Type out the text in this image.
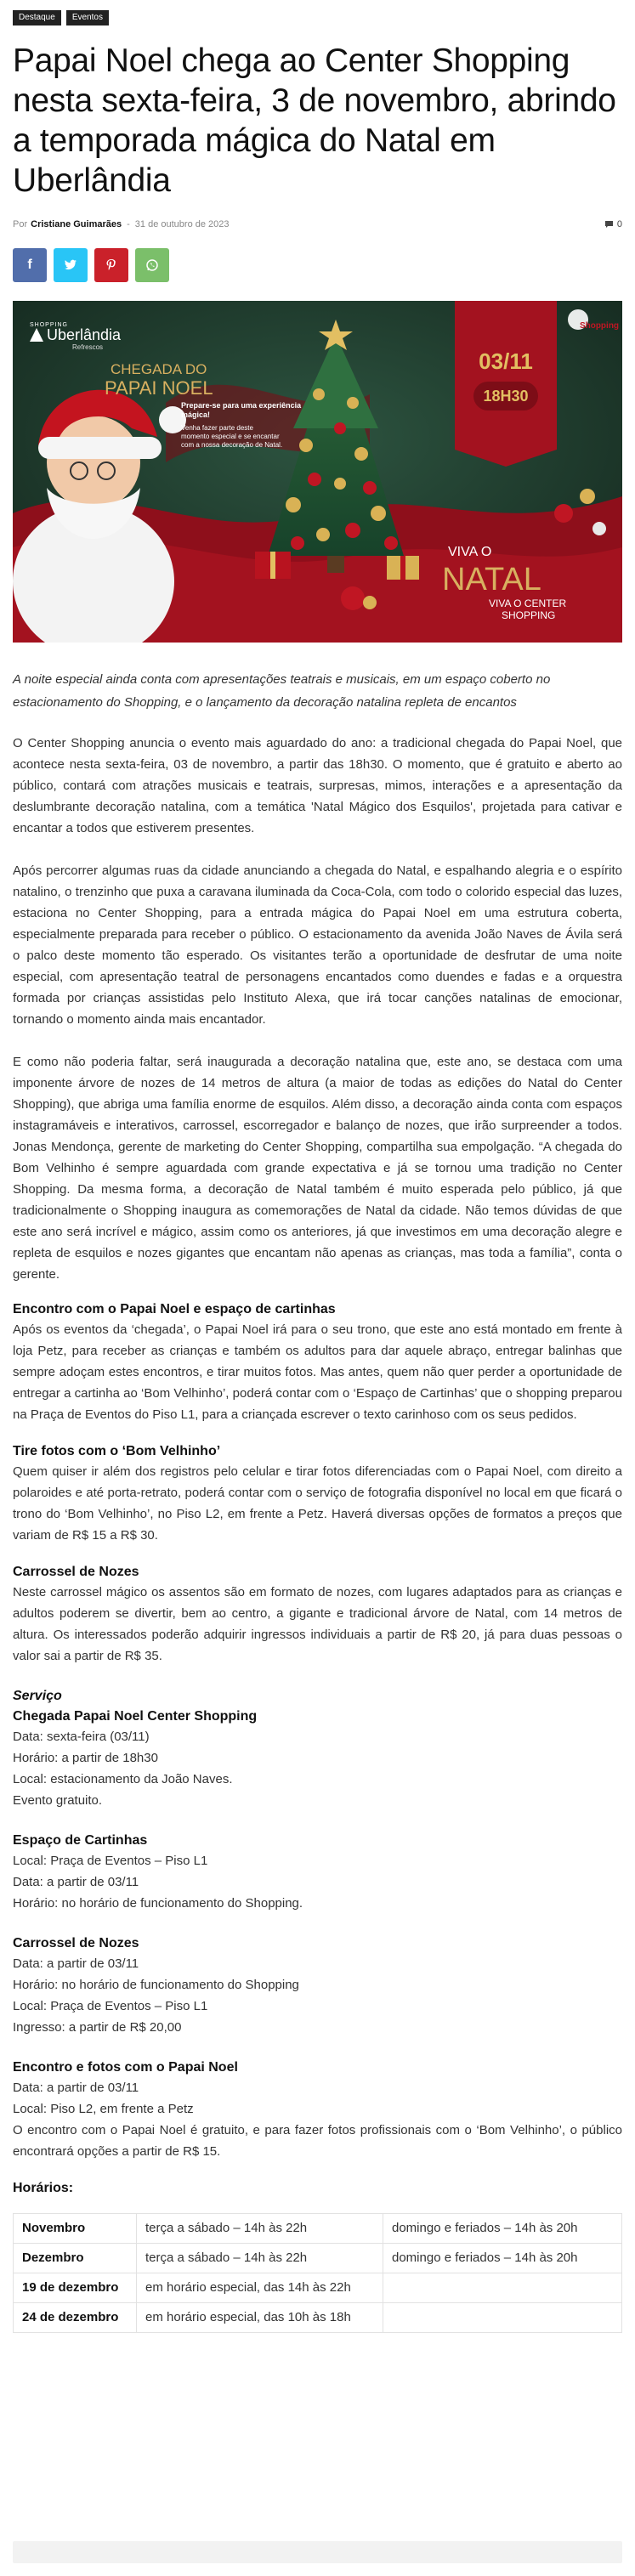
Destaque	Eventos
Papai Noel chega ao Center Shopping nesta sexta-feira, 3 de novembro, abrindo a temporada mágica do Natal em Uberlândia
Por Cristiane Guimarães - 31 de outubro de 2023	0
f
SHOPPING
Uberlândia
Refrescos
CHEGADA DO
PAPAI NOEL
Prepare-se para uma experiência mágica!
Venha fazer parte deste momento especial e se encantar com a nossa decoração de Natal.
03/11
18H30
Shopping
VIVA O
NATAL
VIVA O CENTER
SHOPPING

A noite especial ainda conta com apresentações teatrais e musicais, em um espaço coberto no estacionamento do Shopping, e o lançamento da decoração natalina repleta de encantos

O Center Shopping anuncia o evento mais aguardado do ano: a tradicional chegada do Papai Noel, que acontece nesta sexta-feira, 03 de novembro, a partir das 18h30. O momento, que é gratuito e aberto ao público, contará com atrações musicais e teatrais, surpresas, mimos, interações e a apresentação da deslumbrante decoração natalina, com a temática 'Natal Mágico dos Esquilos', projetada para cativar e encantar a todos que estiverem presentes.

Após percorrer algumas ruas da cidade anunciando a chegada do Natal, e espalhando alegria e o espírito natalino, o trenzinho que puxa a caravana iluminada da Coca-Cola, com todo o colorido especial das luzes, estaciona no Center Shopping, para a entrada mágica do Papai Noel em uma estrutura coberta, especialmente preparada para receber o público. O estacionamento da avenida João Naves de Ávila será o palco deste momento tão esperado. Os visitantes terão a oportunidade de desfrutar de uma noite especial, com apresentação teatral de personagens encantados como duendes e fadas e a orquestra formada por crianças assistidas pelo Instituto Alexa, que irá tocar canções natalinas de emocionar, tornando o momento ainda mais encantador.

E como não poderia faltar, será inaugurada a decoração natalina que, este ano, se destaca com uma imponente árvore de nozes de 14 metros de altura (a maior de todas as edições do Natal do Center Shopping), que abriga uma família enorme de esquilos. Além disso, a decoração ainda conta com espaços instagramáveis e interativos, carrossel, escorregador e balanço de nozes, que irão surpreender a todos. Jonas Mendonça, gerente de marketing do Center Shopping, compartilha sua empolgação. “A chegada do Bom Velhinho é sempre aguardada com grande expectativa e já se tornou uma tradição no Center Shopping. Da mesma forma, a decoração de Natal também é muito esperada pelo público, já que tradicionalmente o Shopping inaugura as comemorações de Natal da cidade. Não temos dúvidas de que este ano será incrível e mágico, assim como os anteriores, já que investimos em uma decoração alegre e repleta de esquilos e nozes gigantes que encantam não apenas as crianças, mas toda a família”, conta o gerente.

Encontro com o Papai Noel e espaço de cartinhas

Após os eventos da ‘chegada’, o Papai Noel irá para o seu trono, que este ano está montado em frente à loja Petz, para receber as crianças e também os adultos para dar aquele abraço, entregar balinhas que sempre adoçam estes encontros, e tirar muitos fotos. Mas antes, quem não quer perder a oportunidade de entregar a cartinha ao ‘Bom Velhinho’, poderá contar com o ‘Espaço de Cartinhas’ que o shopping preparou na Praça de Eventos do Piso L1, para a criançada escrever o texto carinhoso com os seus pedidos.

Tire fotos com o ‘Bom Velhinho’

Quem quiser ir além dos registros pelo celular e tirar fotos diferenciadas com o Papai Noel, com direito a polaroides e até porta-retrato, poderá contar com o serviço de fotografia disponível no local em que ficará o trono do ‘Bom Velhinho’, no Piso L2, em frente a Petz. Haverá diversas opções de formatos a preços que variam de R$ 15 a R$ 30.

Carrossel de Nozes

Neste carrossel mágico os assentos são em formato de nozes, com lugares adaptados para as crianças e adultos poderem se divertir, bem ao centro, a gigante e tradicional árvore de Natal, com 14 metros de altura. Os interessados poderão adquirir ingressos individuais a partir de R$ 20, já para duas pessoas o valor sai a partir de R$ 35.

Serviço
Chegada Papai Noel Center Shopping
Data: sexta-feira (03/11)
Horário: a partir de 18h30
Local: estacionamento da João Naves.
Evento gratuito.
Espaço de Cartinhas
Local: Praça de Eventos – Piso L1
Data: a partir de 03/11
Horário: no horário de funcionamento do Shopping.
Carrossel de Nozes
Data: a partir de 03/11
Horário: no horário de funcionamento do Shopping
Local: Praça de Eventos – Piso L1
Ingresso: a partir de R$ 20,00
Encontro e fotos com o Papai Noel
Data: a partir de 03/11
Local: Piso L2, em frente a Petz
O encontro com o Papai Noel é gratuito, e para fazer fotos profissionais com o ‘Bom Velhinho’, o público encontrará opções a partir de R$ 15.
Horários:
Novembro	terça a sábado – 14h às 22h	domingo e feriados – 14h às 20h
Dezembro	terça a sábado – 14h às 22h	domingo e feriados – 14h às 20h
19 de dezembro	em horário especial, das 14h às 22h	
24 de dezembro	em horário especial, das 10h às 18h	
